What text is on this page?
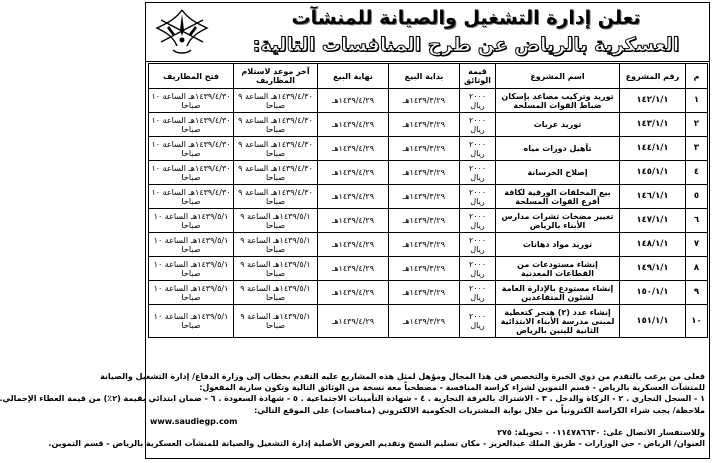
تعلن إدارة التشغيل والصيانة للمنشآت
العسكرية بالرياض عن طرح المنافسات التالية:
م	رقم المشروع	اسم المشروع	قيمة الوثائق	بداية البيع	نهاية البيع	آخر موعد لاستلام المظاريف	فتح المظاريف
١	١٤٢/١/١	توريد وتركيب مصاعد بإسكان ضباط القوات المسلحة	٢٠٠٠ ريال	١٤٣٩/٣/٢٩هـ	١٤٣٩/٤/٢٩هـ	١٤٣٩/٤/٣٠هـ الساعة ٩ صباحا	١٤٣٩/٤/٣٠هـ الساعة ١٠ صباحا
٢	١٤٣/١/١	توريد عربات	٢٠٠٠ ريال	١٤٣٩/٣/٢٩هـ	١٤٣٩/٤/٢٩هـ	١٤٣٩/٤/٣٠هـ الساعة ٩ صباحا	١٤٣٩/٤/٣٠هـ الساعة ١٠ صباحا
٣	١٤٤/١/١	تأهيل دورات مياه	٢٠٠٠ ريال	١٤٣٩/٣/٢٩هـ	١٤٣٩/٤/٢٩هـ	١٤٣٩/٤/٣٠هـ الساعة ٩ صباحا	١٤٣٩/٤/٣٠هـ الساعة ١٠ صباحا
٤	١٤٥/١/١	إصلاح الخرسانة	٢٠٠٠ ريال	١٤٣٩/٣/٢٩هـ	١٤٣٩/٤/٢٩هـ	١٤٣٩/٤/٣٠هـ الساعة ٩ صباحا	١٤٣٩/٤/٣٠هـ الساعة ١٠ صباحا
٥	١٤٦/١/١	بيع المخلفات الورقية لكافة أفرع القوات المسلحة	٢٠٠٠ ريال	١٤٣٩/٣/٢٩هـ	١٤٣٩/٤/٢٩هـ	١٤٣٩/٤/٣٠هـ الساعة ٩ صباحا	١٤٣٩/٤/٣٠هـ الساعة ١٠ صباحا
٦	١٤٧/١/١	تغيير مضخات تشرات مدارس الأبناء بالرياض	٢٠٠٠ ريال	١٤٣٩/٣/٢٩هـ	١٤٣٩/٤/٢٩هـ	١٤٣٩/٥/١هـ الساعة ٩ صباحا	١٤٣٩/٥/١هـ الساعة ١٠ صباحا
٧	١٤٨/١/١	توريد مواد دهانات	٢٠٠٠ ريال	١٤٣٩/٣/٢٩هـ	١٤٣٩/٤/٢٩هـ	١٤٣٩/٥/١هـ الساعة ٩ صباحا	١٤٣٩/٥/١هـ الساعة ١٠ صباحا
٨	١٤٩/١/١	إنشاء مستودعات من القطاعات المعدنية	٢٠٠٠ ريال	١٤٣٩/٣/٢٩هـ	١٤٣٩/٤/٢٩هـ	١٤٣٩/٥/١هـ الساعة ٩ صباحا	١٤٣٩/٥/١هـ الساعة ١٠ صباحا
٩	١٥٠/١/١	إنشاء مستودع بالإدارة العامة لشئون المتقاعدين	٢٠٠٠ ريال	١٤٣٩/٣/٢٩هـ	١٤٣٩/٤/٢٩هـ	١٤٣٩/٥/١هـ الساعة ٩ صباحا	١٤٣٩/٥/١هـ الساعة ١٠ صباحا
١٠	١٥١/١/١	إنشاء عدد (٢) هنجر كتغطية لمبنى مدرسة الأبناء الابتدائية الثانية للبنين بالرياض	٢٠٠٠ ريال	١٤٣٩/٣/٢٩هـ	١٤٣٩/٤/٢٩هـ	١٤٣٩/٥/١هـ الساعة ٩ صباحا	١٤٣٩/٥/١هـ الساعة ١٠ صباحا
فعلى من يرغب بالتقدم من ذوي الخبرة والتخصص في هذا المجال ومؤهل لمثل هذه المشاريع عليه التقدم بخطاب إلى وزارة الدفاع/ إدارة التشغيل والصيانة
للمنشآت العسكرية بالرياض - قسم التموين لشراء كراسة المنافسة - مصطحباً معه نسخة من الوثائق التالية وتكون سارية المفعول:
١ - السجل التجاري . ٢ - الزكاة والدخل . ٣ - الاشتراك بالغرفة التجارية . ٤ - شهادة التأمينات الاجتماعية . ٥ - شهادة السعودة . ٦ - ضمان ابتدائي بقيمة (٢٪) من قيمة العطاء الإجمالي.
ملاحظة/ يجب شراء الكراسة الكترونياً من خلال بوابة المشتريات الحكومية الالكتروني (منافسات) على الموقع التالي:
www.saudiegp.com
وللاستفسار الاتصال على: ٠١١٤٧٨٦٦٣٠ - تحويلة: ٢٧٥
العنوان/ الرياض - حي الوزارات - طريق الملك عبدالعزيز - مكان تسليم النسخ وتقديم العروض الأصلية إدارة التشغيل والصيانة للمنشآت العسكرية بالرياض - قسم التموين.
